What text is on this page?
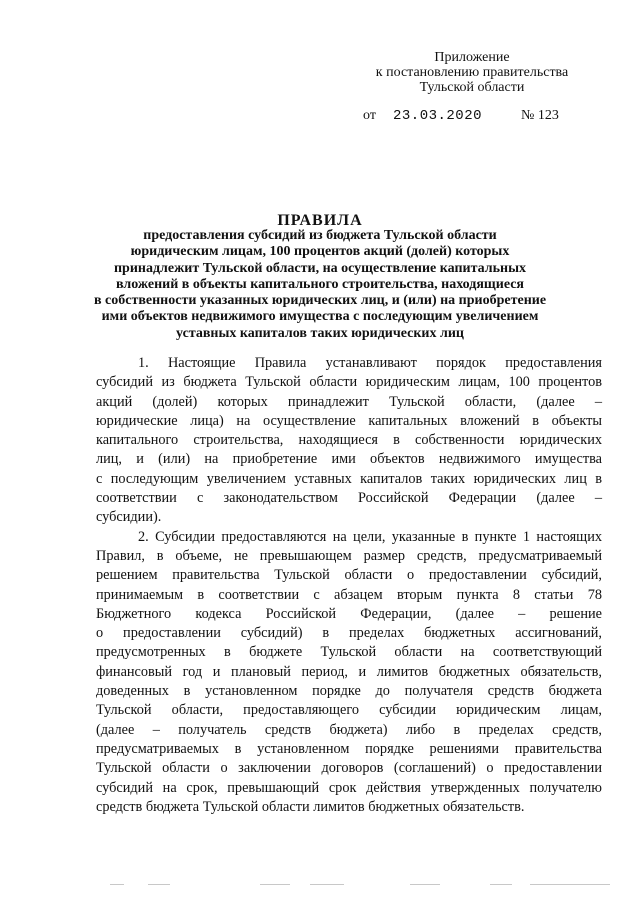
Приложение
к постановлению правительства
Тульской области
от 23.03.2020	№ 123
ПРАВИЛА
предоставления субсидий из бюджета Тульской области
юридическим лицам, 100 процентов акций (долей) которых
принадлежит Тульской области, на осуществление капитальных
вложений в объекты капитального строительства, находящиеся
в собственности указанных юридических лиц, и (или) на приобретение
ими объектов недвижимого имущества с последующим увеличением
уставных капиталов таких юридических лиц
1. Настоящие Правила устанавливают порядок предоставления
субсидий из бюджета Тульской области юридическим лицам, 100 процентов
акций (долей) которых принадлежит Тульской области, (далее –
юридические лица) на осуществление капитальных вложений в объекты
капитального строительства, находящиеся в собственности юридических
лиц, и (или) на приобретение ими объектов недвижимого имущества
с последующим увеличением уставных капиталов таких юридических лиц в
соответствии с законодательством Российской Федерации (далее –
субсидии).
2. Субсидии предоставляются на цели, указанные в пункте 1 настоящих
Правил, в объеме, не превышающем размер средств, предусматриваемый
решением правительства Тульской области о предоставлении субсидий,
принимаемым в соответствии с абзацем вторым пункта 8 статьи 78
Бюджетного кодекса Российской Федерации, (далее – решение
о предоставлении субсидий) в пределах бюджетных ассигнований,
предусмотренных в бюджете Тульской области на соответствующий
финансовый год и плановый период, и лимитов бюджетных обязательств,
доведенных в установленном порядке до получателя средств бюджета
Тульской области, предоставляющего субсидии юридическим лицам,
(далее – получатель средств бюджета) либо в пределах средств,
предусматриваемых в установленном порядке решениями правительства
Тульской области о заключении договоров (соглашений) о предоставлении
субсидий на срок, превышающий срок действия утвержденных получателю
средств бюджета Тульской области лимитов бюджетных обязательств.
